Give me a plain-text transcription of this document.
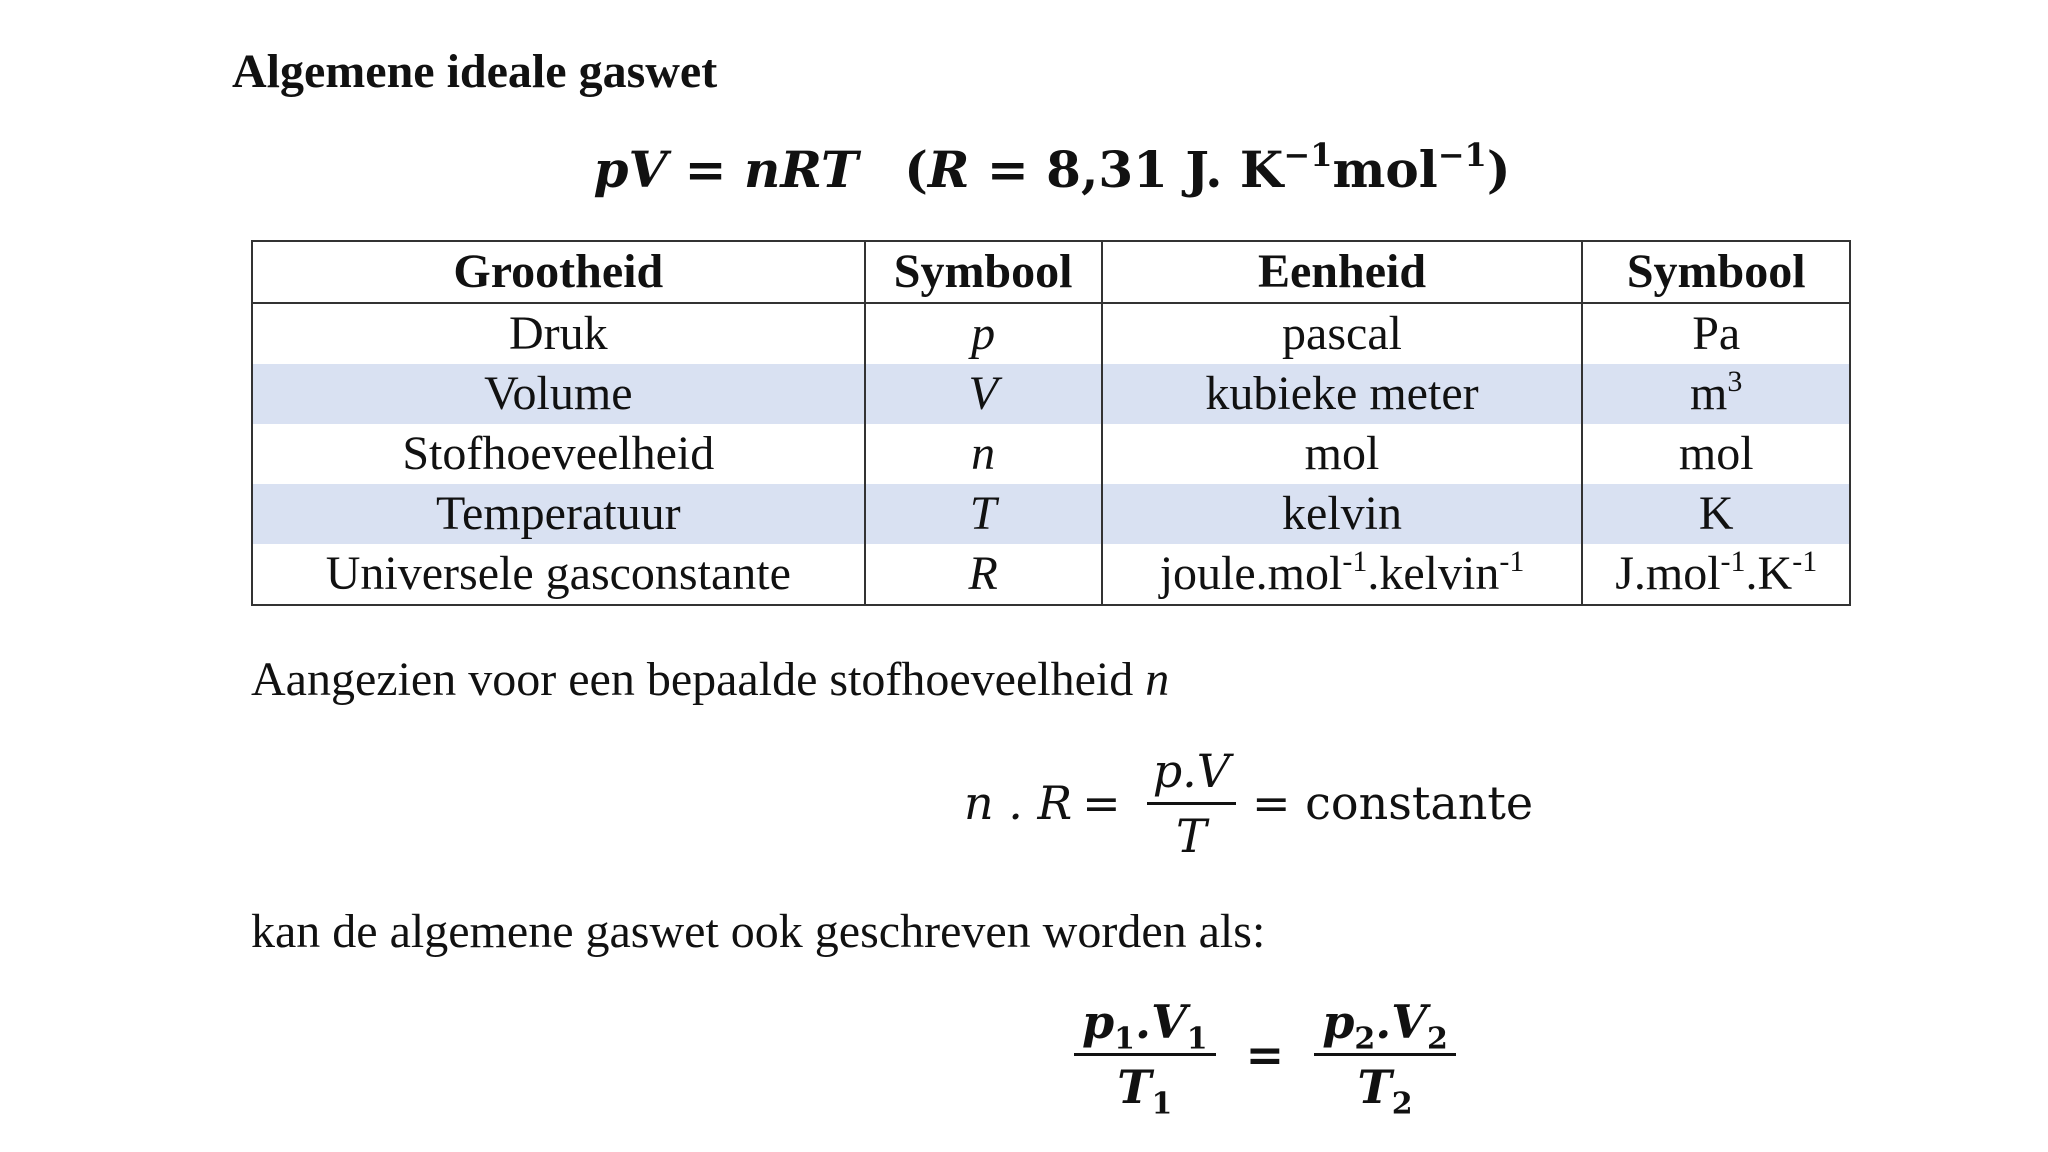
Algemene ideale gaswet
pV = nRT (R = 8,31 J. $K^{-1}mol^{-1}$)
Grootheid	Symbool	Eenheid	Symbool
Druk	p	pascal	Pa
Volume	V	kubieke meter	$m^3$
Stofhoeveelheid	n	mol	mol
Temperatuur	T	kelvin	K
Universele gasconstante	R	joule.mol$^{-1}$.kelvin$^{-1}$	$J.mol^{-1}.K^{-1}$
Aangezien voor een bepaalde stofhoeveelheid n
n . $R = \frac{p.V}{T}$ = constante
kan de algemene gaswet ook geschreven worden als:
$\frac{p_1.V_1}{T_1} = \frac{p_2.V_2}{T_2}$
